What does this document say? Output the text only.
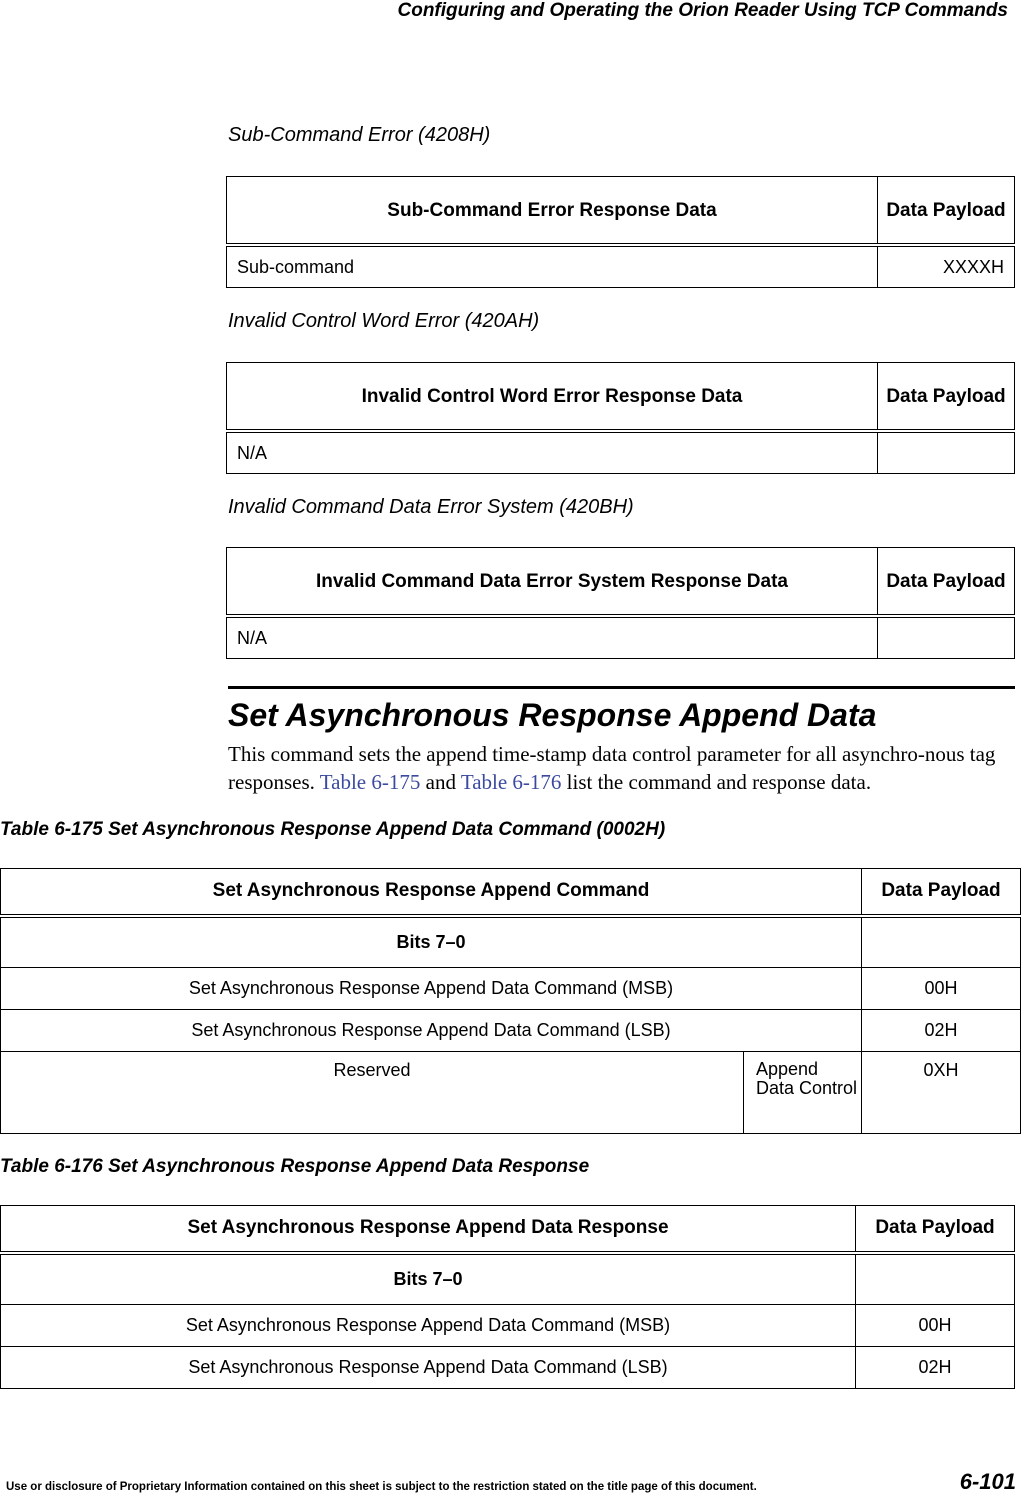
Configuring and Operating the Orion Reader Using TCP Commands
Sub-Command Error (4208H)
Sub-Command Error Response Data	Data Payload
Sub-command	XXXXH
Invalid Control Word Error (420AH)
Invalid Control Word Error Response Data	Data Payload
N/A	
Invalid Command Data Error System (420BH)
Invalid Command Data Error System Response Data	Data Payload
N/A	
Set Asynchronous Response Append Data
This command sets the append time-stamp data control parameter for all asynchro-nous tag responses. Table 6-175 and Table 6-176 list the command and response data.
Table 6-175 Set Asynchronous Response Append Data Command (0002H)
Set Asynchronous Response Append Command		Data Payload
Bits 7–0		
Set Asynchronous Response Append Data Command (MSB)		00H
Set Asynchronous Response Append Data Command (LSB)		02H
Reserved	Append Data Control	0XH
Table 6-176 Set Asynchronous Response Append Data Response
Set Asynchronous Response Append Data Response	Data Payload
Bits 7–0	
Set Asynchronous Response Append Data Command (MSB)	00H
Set Asynchronous Response Append Data Command (LSB)	02H
Use or disclosure of Proprietary Information contained on this sheet is subject to the restriction stated on the title page of this document.	6-101
